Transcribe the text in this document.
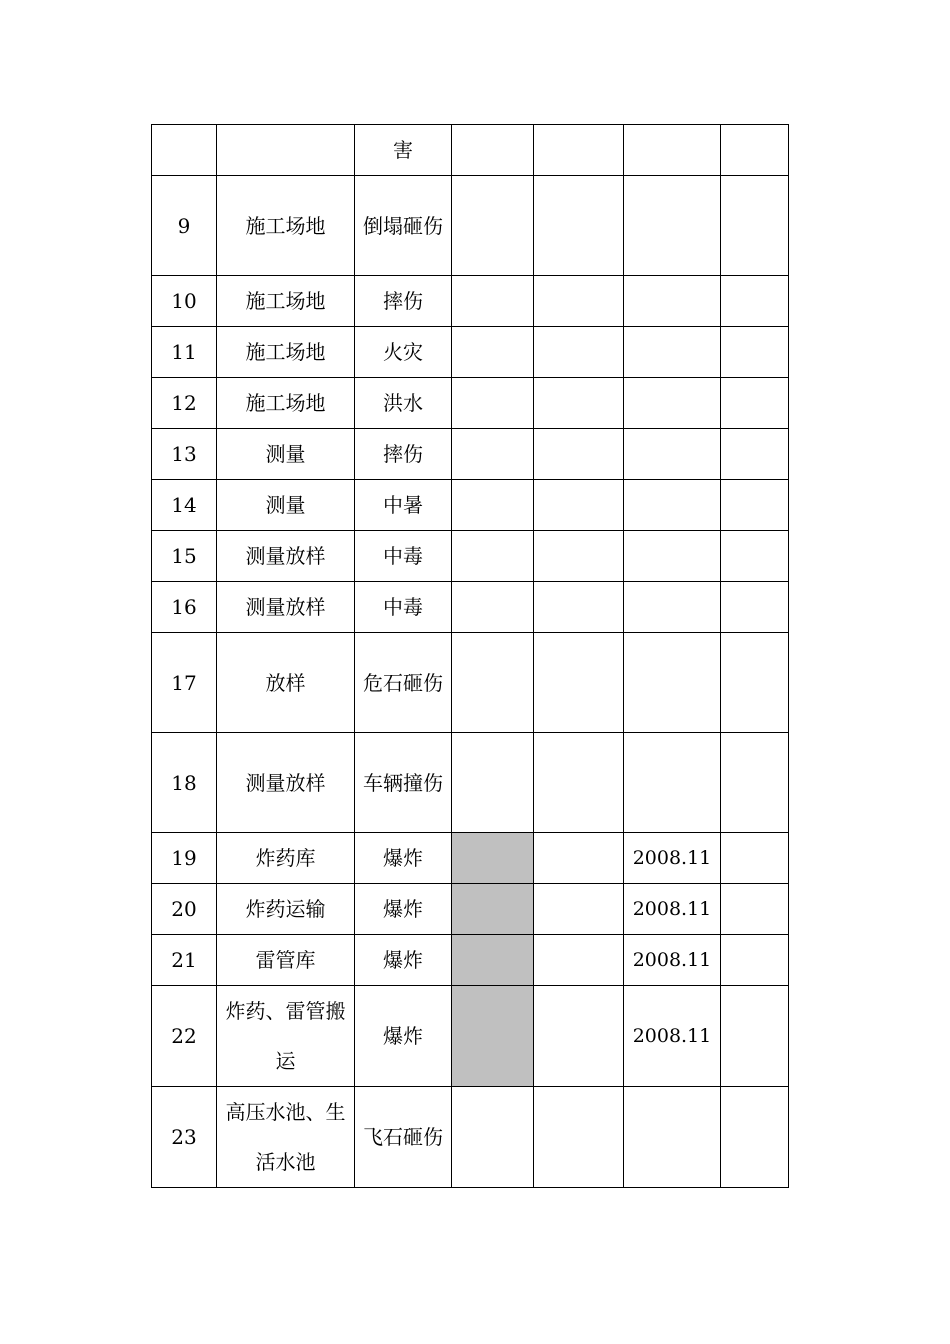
		害				
9	施工场地	倒塌砸伤				
10	施工场地	摔伤				
11	施工场地	火灾				
12	施工场地	洪水				
13	测量	摔伤				
14	测量	中暑				
15	测量放样	中毒				
16	测量放样	中毒				
17	放样	危石砸伤				
18	测量放样	车辆撞伤				
19	炸药库	爆炸			2008.11	
20	炸药运输	爆炸			2008.11	
21	雷管库	爆炸			2008.11	
22	炸药、雷管搬运	爆炸			2008.11	
23	高压水池、生活水池	飞石砸伤				
